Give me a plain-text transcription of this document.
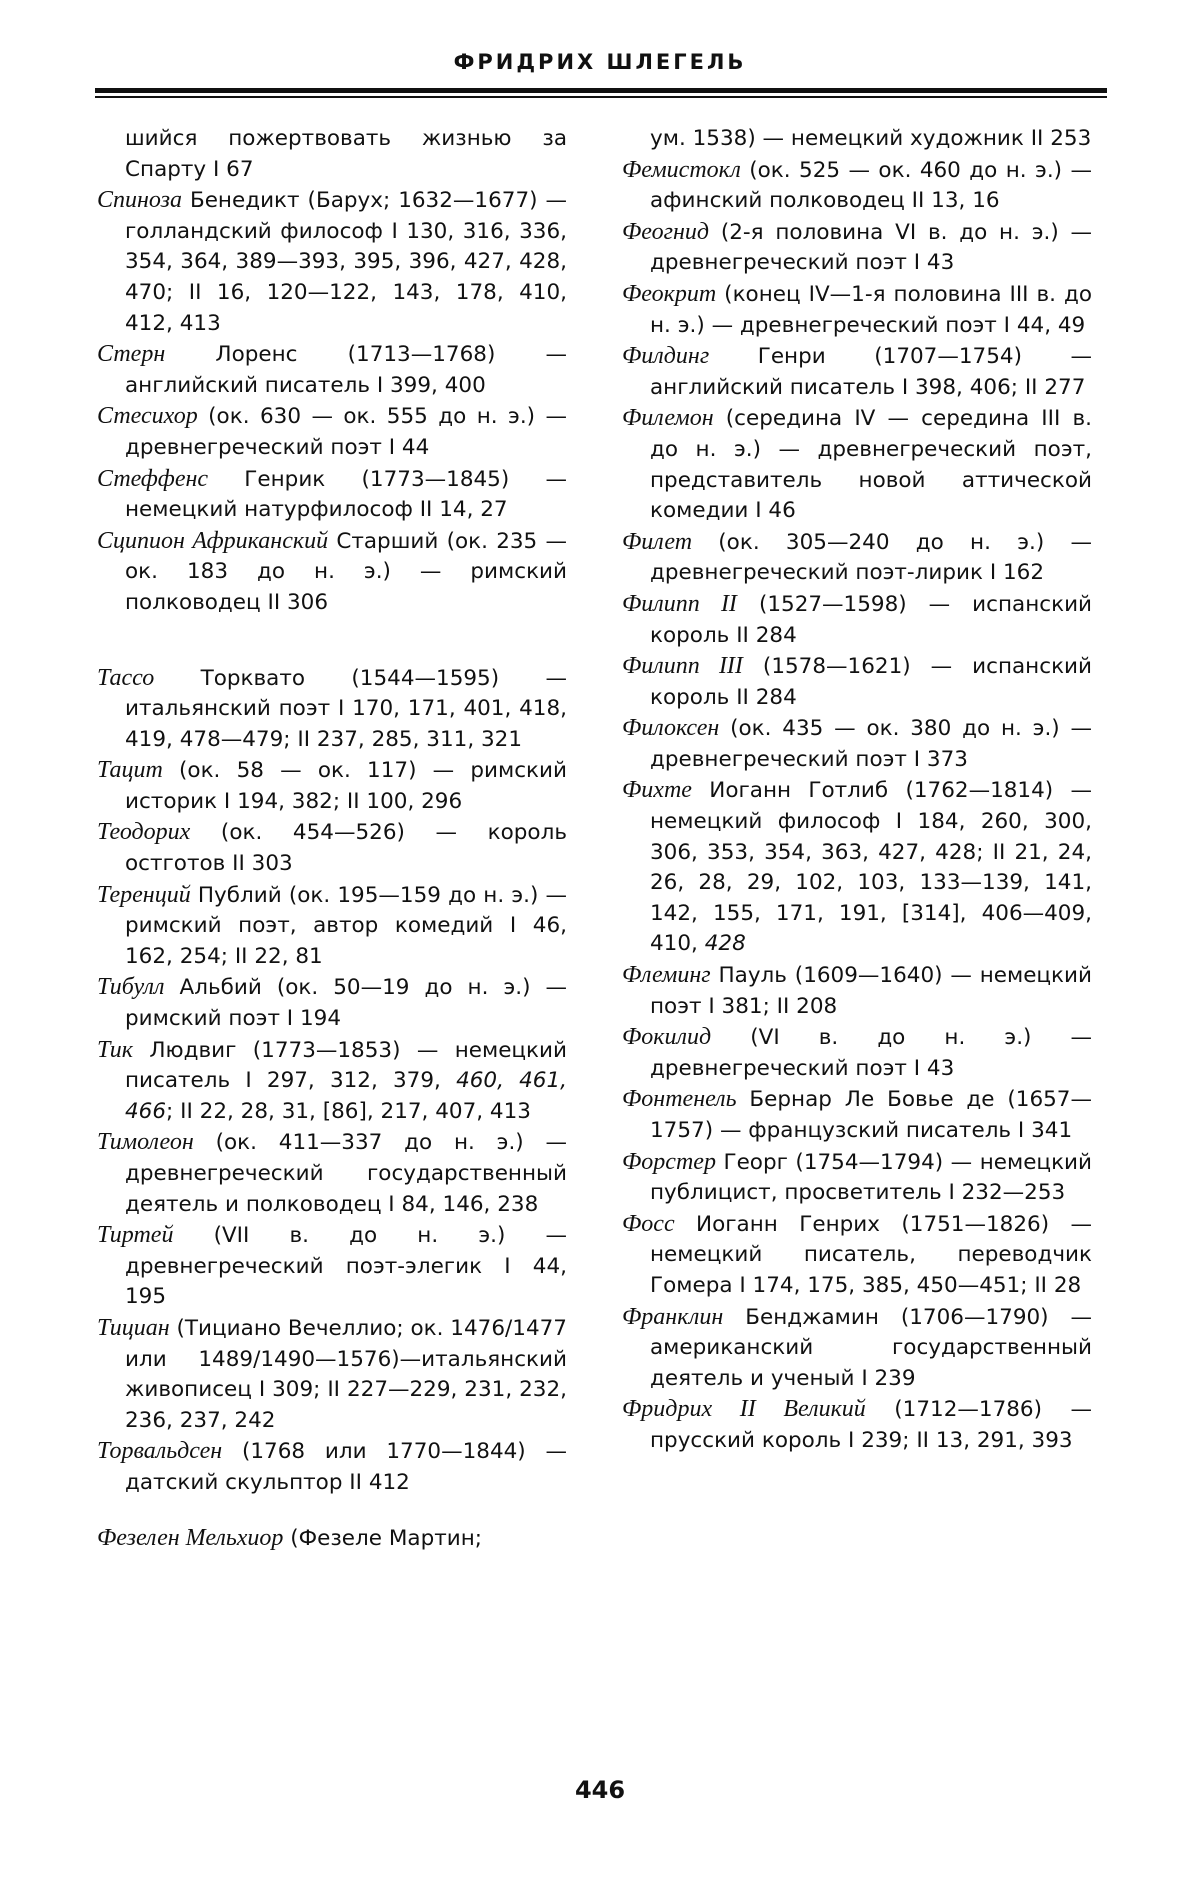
ФРИДРИХ ШЛЕГЕЛЬ
шийся пожертвовать жизнью за Спарту I 67
Спиноза Бенедикт (Барух; 1632—1677) — голландский философ I 130, 316, 336, 354, 364, 389—393, 395, 396, 427, 428, 470; II 16, 120—122, 143, 178, 410, 412, 413
Стерн Лоренс (1713—1768) — английский писатель I 399, 400
Стесихор (ок. 630 — ок. 555 до н. э.) — древнегреческий поэт I 44
Стеффенс Генрик (1773—1845) — немецкий натурфилософ II 14, 27
Сципион Африканский Старший (ок. 235 — ок. 183 до н. э.) — римский полководец II 306
Тассо Торквато (1544—1595) — итальянский поэт I 170, 171, 401, 418, 419, 478—479; II 237, 285, 311, 321
Тацит (ок. 58 — ок. 117) — римский историк I 194, 382; II 100, 296
Теодорих (ок. 454—526) — король остготов II 303
Теренций Публий (ок. 195—159 до н. э.) — римский поэт, автор комедий I 46, 162, 254; II 22, 81
Тибулл Альбий (ок. 50—19 до н. э.) — римский поэт I 194
Тик Людвиг (1773—1853) — немецкий писатель I 297, 312, 379, 460, 461, 466; II 22, 28, 31, [86], 217, 407, 413
Тимолеон (ок. 411—337 до н. э.) — древнегреческий государственный деятель и полководец I 84, 146, 238
Тиртей (VII в. до н. э.) — древнегреческий поэт-элегик I 44, 195
Тициан (Тициано Вечеллио; ок. 1476/1477 или 1489/1490—1576)—итальянский живописец I 309; II 227—229, 231, 232, 236, 237, 242
Торвальдсен (1768 или 1770—1844) — датский скульптор II 412
Фезелен Мельхиор (Фезеле Мартин;
ум. 1538) — немецкий художник II 253
Фемистокл (ок. 525 — ок. 460 до н. э.) — афинский полководец II 13, 16
Феогнид (2-я половина VI в. до н. э.) — древнегреческий поэт I 43
Феокрит (конец IV—1-я половина III в. до н. э.) — древнегреческий поэт I 44, 49
Филдинг Генри (1707—1754) — английский писатель I 398, 406; II 277
Филемон (середина IV — середина III в. до н. э.) — древнегреческий поэт, представитель новой аттической комедии I 46
Филет (ок. 305—240 до н. э.) — древнегреческий поэт-лирик I 162
Филипп II (1527—1598) — испанский король II 284
Филипп III (1578—1621) — испанский король II 284
Филоксен (ок. 435 — ок. 380 до н. э.) — древнегреческий поэт I 373
Фихте Иоганн Готлиб (1762—1814) — немецкий философ I 184, 260, 300, 306, 353, 354, 363, 427, 428; II 21, 24, 26, 28, 29, 102, 103, 133—139, 141, 142, 155, 171, 191, [314], 406—409, 410, 428
Флеминг Пауль (1609—1640) — немецкий поэт I 381; II 208
Фокилид (VI в. до н. э.) — древнегреческий поэт I 43
Фонтенель Бернар Ле Бовье де (1657—1757) — французский писатель I 341
Форстер Георг (1754—1794) — немецкий публицист, просветитель I 232—253
Фосс Иоганн Генрих (1751—1826) — немецкий писатель, переводчик Гомера I 174, 175, 385, 450—451; II 28
Франклин Бенджамин (1706—1790) — американский государственный деятель и ученый I 239
Фридрих II Великий (1712—1786) — прусский король I 239; II 13, 291, 393
446
